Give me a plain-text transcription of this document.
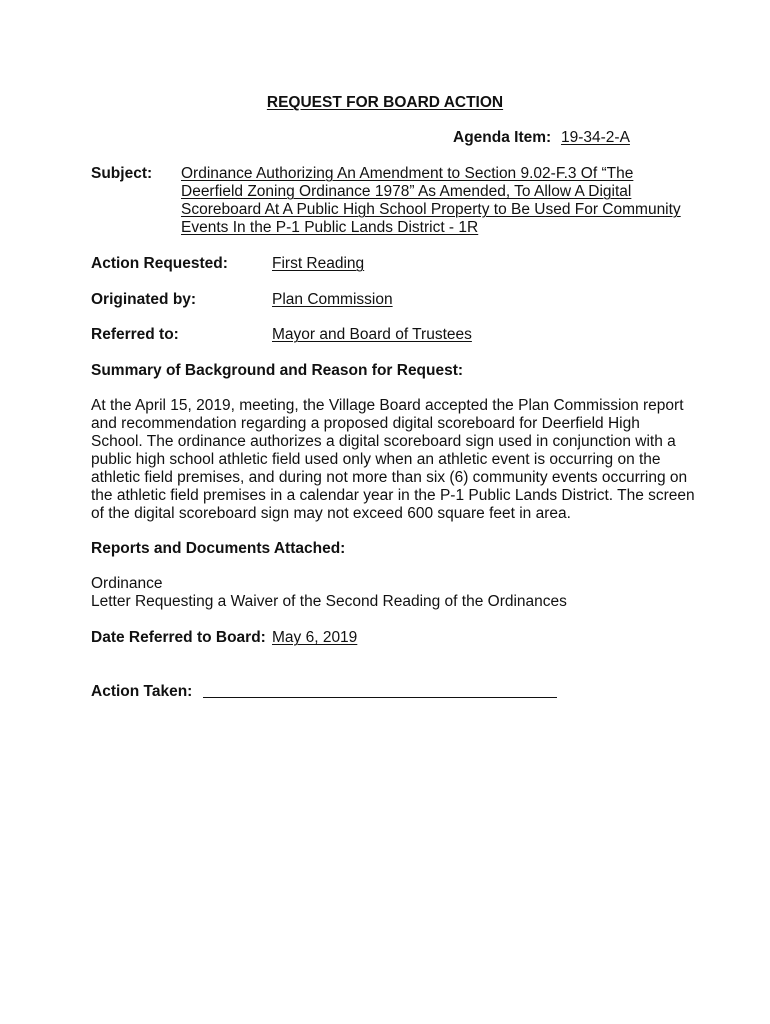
REQUEST FOR BOARD ACTION
Agenda Item: 19-34-2-A
Subject: Ordinance Authorizing An Amendment to Section 9.02-F.3 Of “The
Deerfield Zoning Ordinance 1978” As Amended, To Allow A Digital
Scoreboard At A Public High School Property to Be Used For Community
Events In the P-1 Public Lands District - 1R
Action Requested:	First Reading
Originated by:	Plan Commission
Referred to:	Mayor and Board of Trustees
Summary of Background and Reason for Request:
At the April 15, 2019, meeting, the Village Board accepted the Plan Commission report
and recommendation regarding a proposed digital scoreboard for Deerfield High
School. The ordinance authorizes a digital scoreboard sign used in conjunction with a
public high school athletic field used only when an athletic event is occurring on the
athletic field premises, and during not more than six (6) community events occurring on
the athletic field premises in a calendar year in the P-1 Public Lands District. The screen
of the digital scoreboard sign may not exceed 600 square feet in area.
Reports and Documents Attached:
Ordinance
Letter Requesting a Waiver of the Second Reading of the Ordinances
Date Referred to Board: May 6, 2019
Action Taken:
